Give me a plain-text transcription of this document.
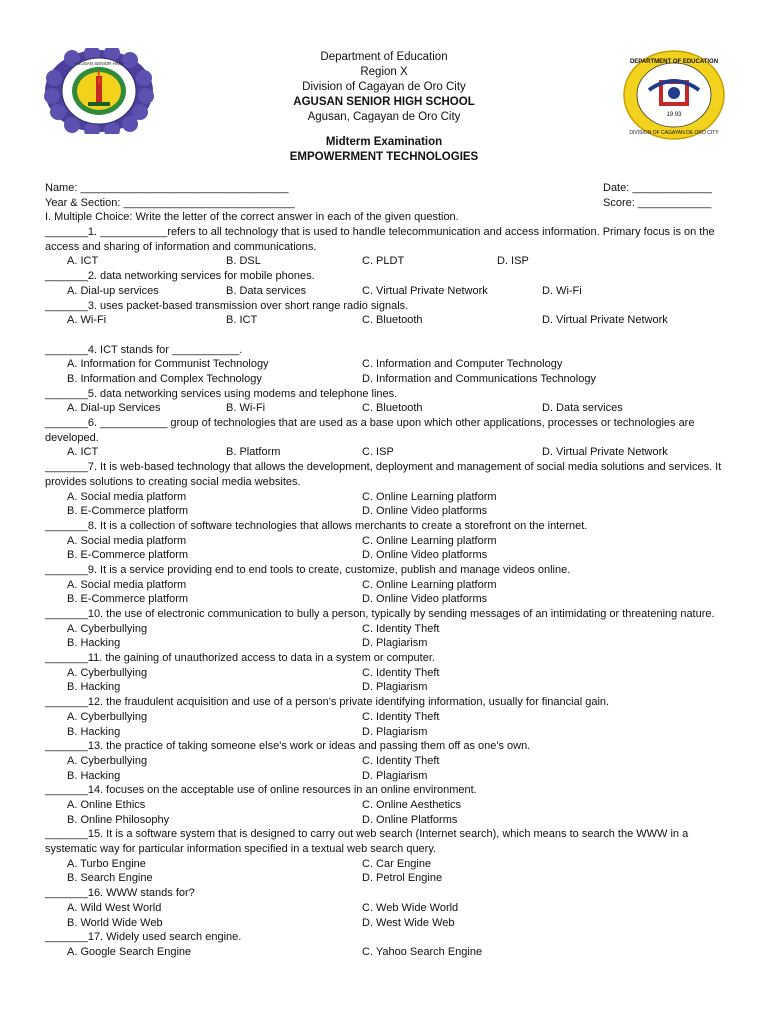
AGUSAN SENIOR HIGH
19 93
DEPARTMENT OF EDUCATION
DIVISION OF CAGAYAN DE ORO CITY
Department of Education
Region X
Division of Cagayan de Oro City
AGUSAN SENIOR HIGH SCHOOL
Agusan, Cagayan de Oro City
Midterm Examination
EMPOWERMENT TECHNOLOGIES
Name: __________________________________	Date: _____________
Year & Section: ____________________________	Score: ____________
I. Multiple Choice: Write the letter of the correct answer in each of the given question.
_______1. ___________refers to all technology that is used to handle telecommunication and access information. Primary focus is on the access and sharing of information and communications.
A. ICT	B. DSL	C. PLDT	D. ISP
_______2. data networking services for mobile phones.
A. Dial-up services	B. Data services	C. Virtual Private Network	D. Wi-Fi
_______3. uses packet-based transmission over short range radio signals.
A. Wi-Fi	B. ICT	C. Bluetooth	D. Virtual Private Network
_______4. ICT stands for ___________.
A. Information for Communist Technology	C. Information and Computer Technology
B. Information and Complex Technology	D. Information and Communications Technology
_______5. data networking services using modems and telephone lines.
A. Dial-up Services	B. Wi-Fi	C. Bluetooth	D. Data services
_______6. ___________ group of technologies that are used as a base upon which other applications, processes or technologies are developed.
A. ICT	B. Platform	C. ISP	D. Virtual Private Network
_______7. It is web-based technology that allows the development, deployment and management of social media solutions and services. It provides solutions to creating social media websites.
A. Social media platform	C. Online Learning platform
B. E-Commerce platform	D. Online Video platforms
_______8. It is a collection of software technologies that allows merchants to create a storefront on the internet.
A. Social media platform	C. Online Learning platform
B. E-Commerce platform	D. Online Video platforms
_______9. It is a service providing end to end tools to create, customize, publish and manage videos online.
A. Social media platform	C. Online Learning platform
B. E-Commerce platform	D. Online Video platforms
_______10. the use of electronic communication to bully a person, typically by sending messages of an intimidating or threatening nature.
A. Cyberbullying	C. Identity Theft
B. Hacking	D. Plagiarism
_______11. the gaining of unauthorized access to data in a system or computer.
A. Cyberbullying	C. Identity Theft
B. Hacking	D. Plagiarism
_______12. the fraudulent acquisition and use of a person's private identifying information, usually for financial gain.
A. Cyberbullying	C. Identity Theft
B. Hacking	D. Plagiarism
_______13. the practice of taking someone else's work or ideas and passing them off as one's own.
A. Cyberbullying	C. Identity Theft
B. Hacking	D. Plagiarism
_______14. focuses on the acceptable use of online resources in an online environment.
A. Online Ethics	C. Online Aesthetics
B. Online Philosophy	D. Online Platforms
_______15. It is a software system that is designed to carry out web search (Internet search), which means to search the WWW in a systematic way for particular information specified in a textual web search query.
A. Turbo Engine	C. Car Engine
B. Search Engine	D. Petrol Engine
_______16. WWW stands for?
A. Wild West World	C. Web Wide World
B. World Wide Web	D. West Wide Web
_______17. Widely used search engine.
A. Google Search Engine	C. Yahoo Search Engine
